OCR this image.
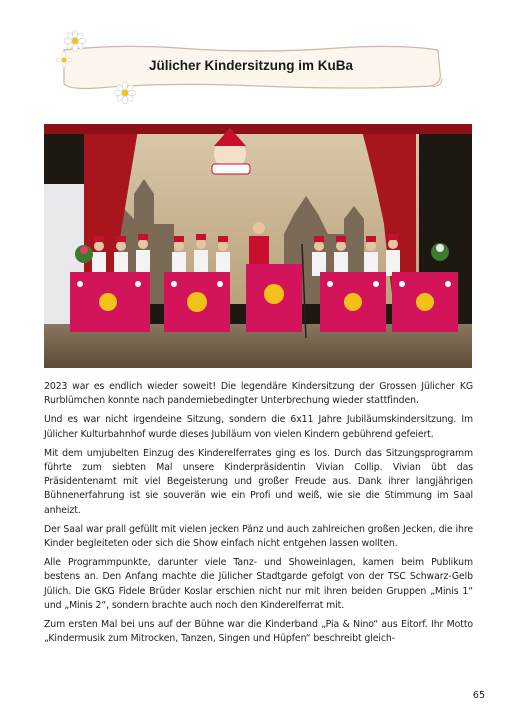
Jülicher Kindersitzung im KuBa

2023 war es endlich wieder soweit! Die legendäre Kindersitzung der Grossen Jülicher KG Rurblümchen konnte nach pandemiebedingter Unterbrechung wieder stattfinden.

Und es war nicht irgendeine Sitzung, sondern die 6x11 Jahre Jubiläumskindersitzung. Im Jülicher Kulturbahnhof wurde dieses Jubiläum von vielen Kindern gebührend gefeiert.

Mit dem umjubelten Einzug des Kinderelferrates ging es los. Durch das Sitzungsprogramm führte zum siebten Mal unsere Kinderpräsidentin Vivian Collip. Vivian übt das Präsidentenamt mit viel Begeisterung und großer Freude aus. Dank ihrer langjährigen Bühnenerfahrung ist sie souverän wie ein Profi und weiß, wie sie die Stimmung im Saal anheizt.

Der Saal war prall gefüllt mit vielen jecken Pänz und auch zahlreichen großen Jecken, die ihre Kinder begleiteten oder sich die Show einfach nicht entgehen lassen wollten.

Alle Programmpunkte, darunter viele Tanz- und Showeinlagen, kamen beim Publikum bestens an. Den Anfang machte die Jülicher Stadtgarde gefolgt von der TSC Schwarz-Gelb Jülich. Die GKG Fidele Brüder Koslar erschien nicht nur mit ihren beiden Gruppen „Minis 1“ und „Minis 2“, sondern brachte auch noch den Kinderelferrat mit.

Zum ersten Mal bei uns auf der Bühne war die Kinderband „Pia & Nino“ aus Eitorf. Ihr Motto „Kindermusik zum Mitrocken, Tanzen, Singen und Hüpfen“ beschreibt gleich-

65
